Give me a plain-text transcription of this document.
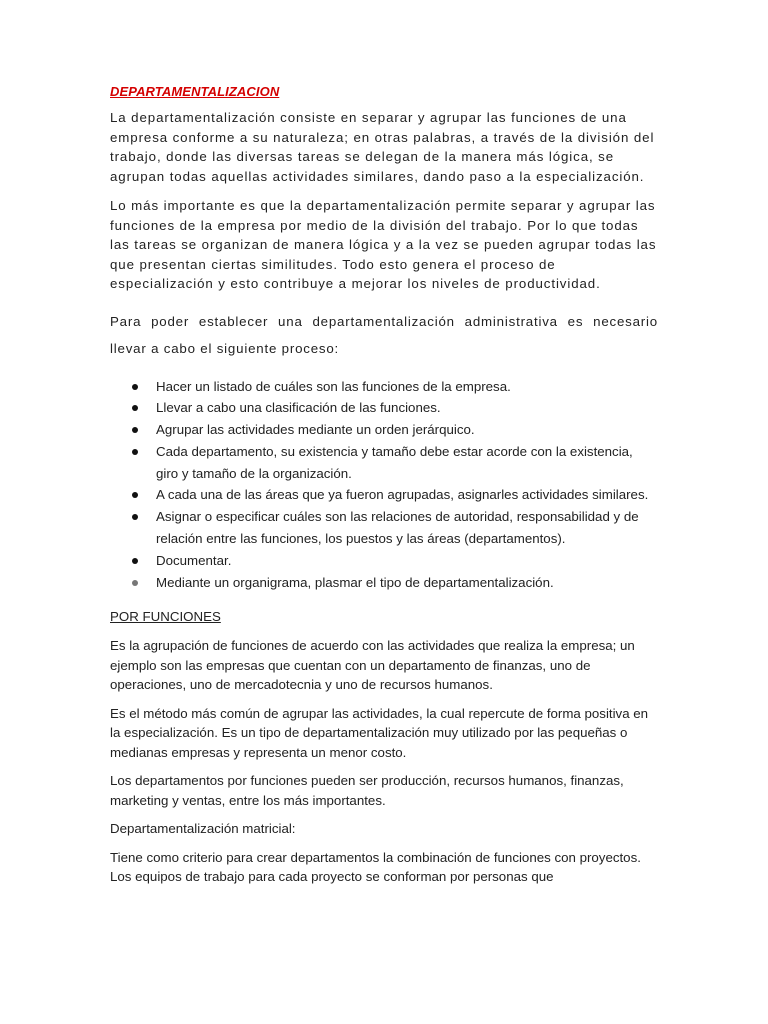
DEPARTAMENTALIZACION

La departamentalización consiste en separar y agrupar las funciones de una empresa conforme a su naturaleza; en otras palabras, a través de la división del trabajo, donde las diversas tareas se delegan de la manera más lógica, se agrupan todas aquellas actividades similares, dando paso a la especialización.

Lo más importante es que la departamentalización permite separar y agrupar las funciones de la empresa por medio de la división del trabajo. Por lo que todas las tareas se organizan de manera lógica y a la vez se pueden agrupar todas las que presentan ciertas similitudes. Todo esto genera el proceso de especialización y esto contribuye a mejorar los niveles de productividad.

Para poder establecer una departamentalización administrativa es necesario llevar a cabo el siguiente proceso:

Hacer un listado de cuáles son las funciones de la empresa.
Llevar a cabo una clasificación de las funciones.
Agrupar las actividades mediante un orden jerárquico.
Cada departamento, su existencia y tamaño debe estar acorde con la existencia, giro y tamaño de la organización.
A cada una de las áreas que ya fueron agrupadas, asignarles actividades similares.
Asignar o especificar cuáles son las relaciones de autoridad, responsabilidad y de relación entre las funciones, los puestos y las áreas (departamentos).
Documentar.
Mediante un organigrama, plasmar el tipo de departamentalización.
POR FUNCIONES

Es la agrupación de funciones de acuerdo con las actividades que realiza la empresa; un ejemplo son las empresas que cuentan con un departamento de finanzas, uno de operaciones, uno de mercadotecnia y uno de recursos humanos.

Es el método más común de agrupar las actividades, la cual repercute de forma positiva en la especialización. Es un tipo de departamentalización muy utilizado por las pequeñas o medianas empresas y representa un menor costo.

Los departamentos por funciones pueden ser producción, recursos humanos, finanzas, marketing y ventas, entre los más importantes.

Departamentalización matricial:

Tiene como criterio para crear departamentos la combinación de funciones con proyectos. Los equipos de trabajo para cada proyecto se conforman por personas que
